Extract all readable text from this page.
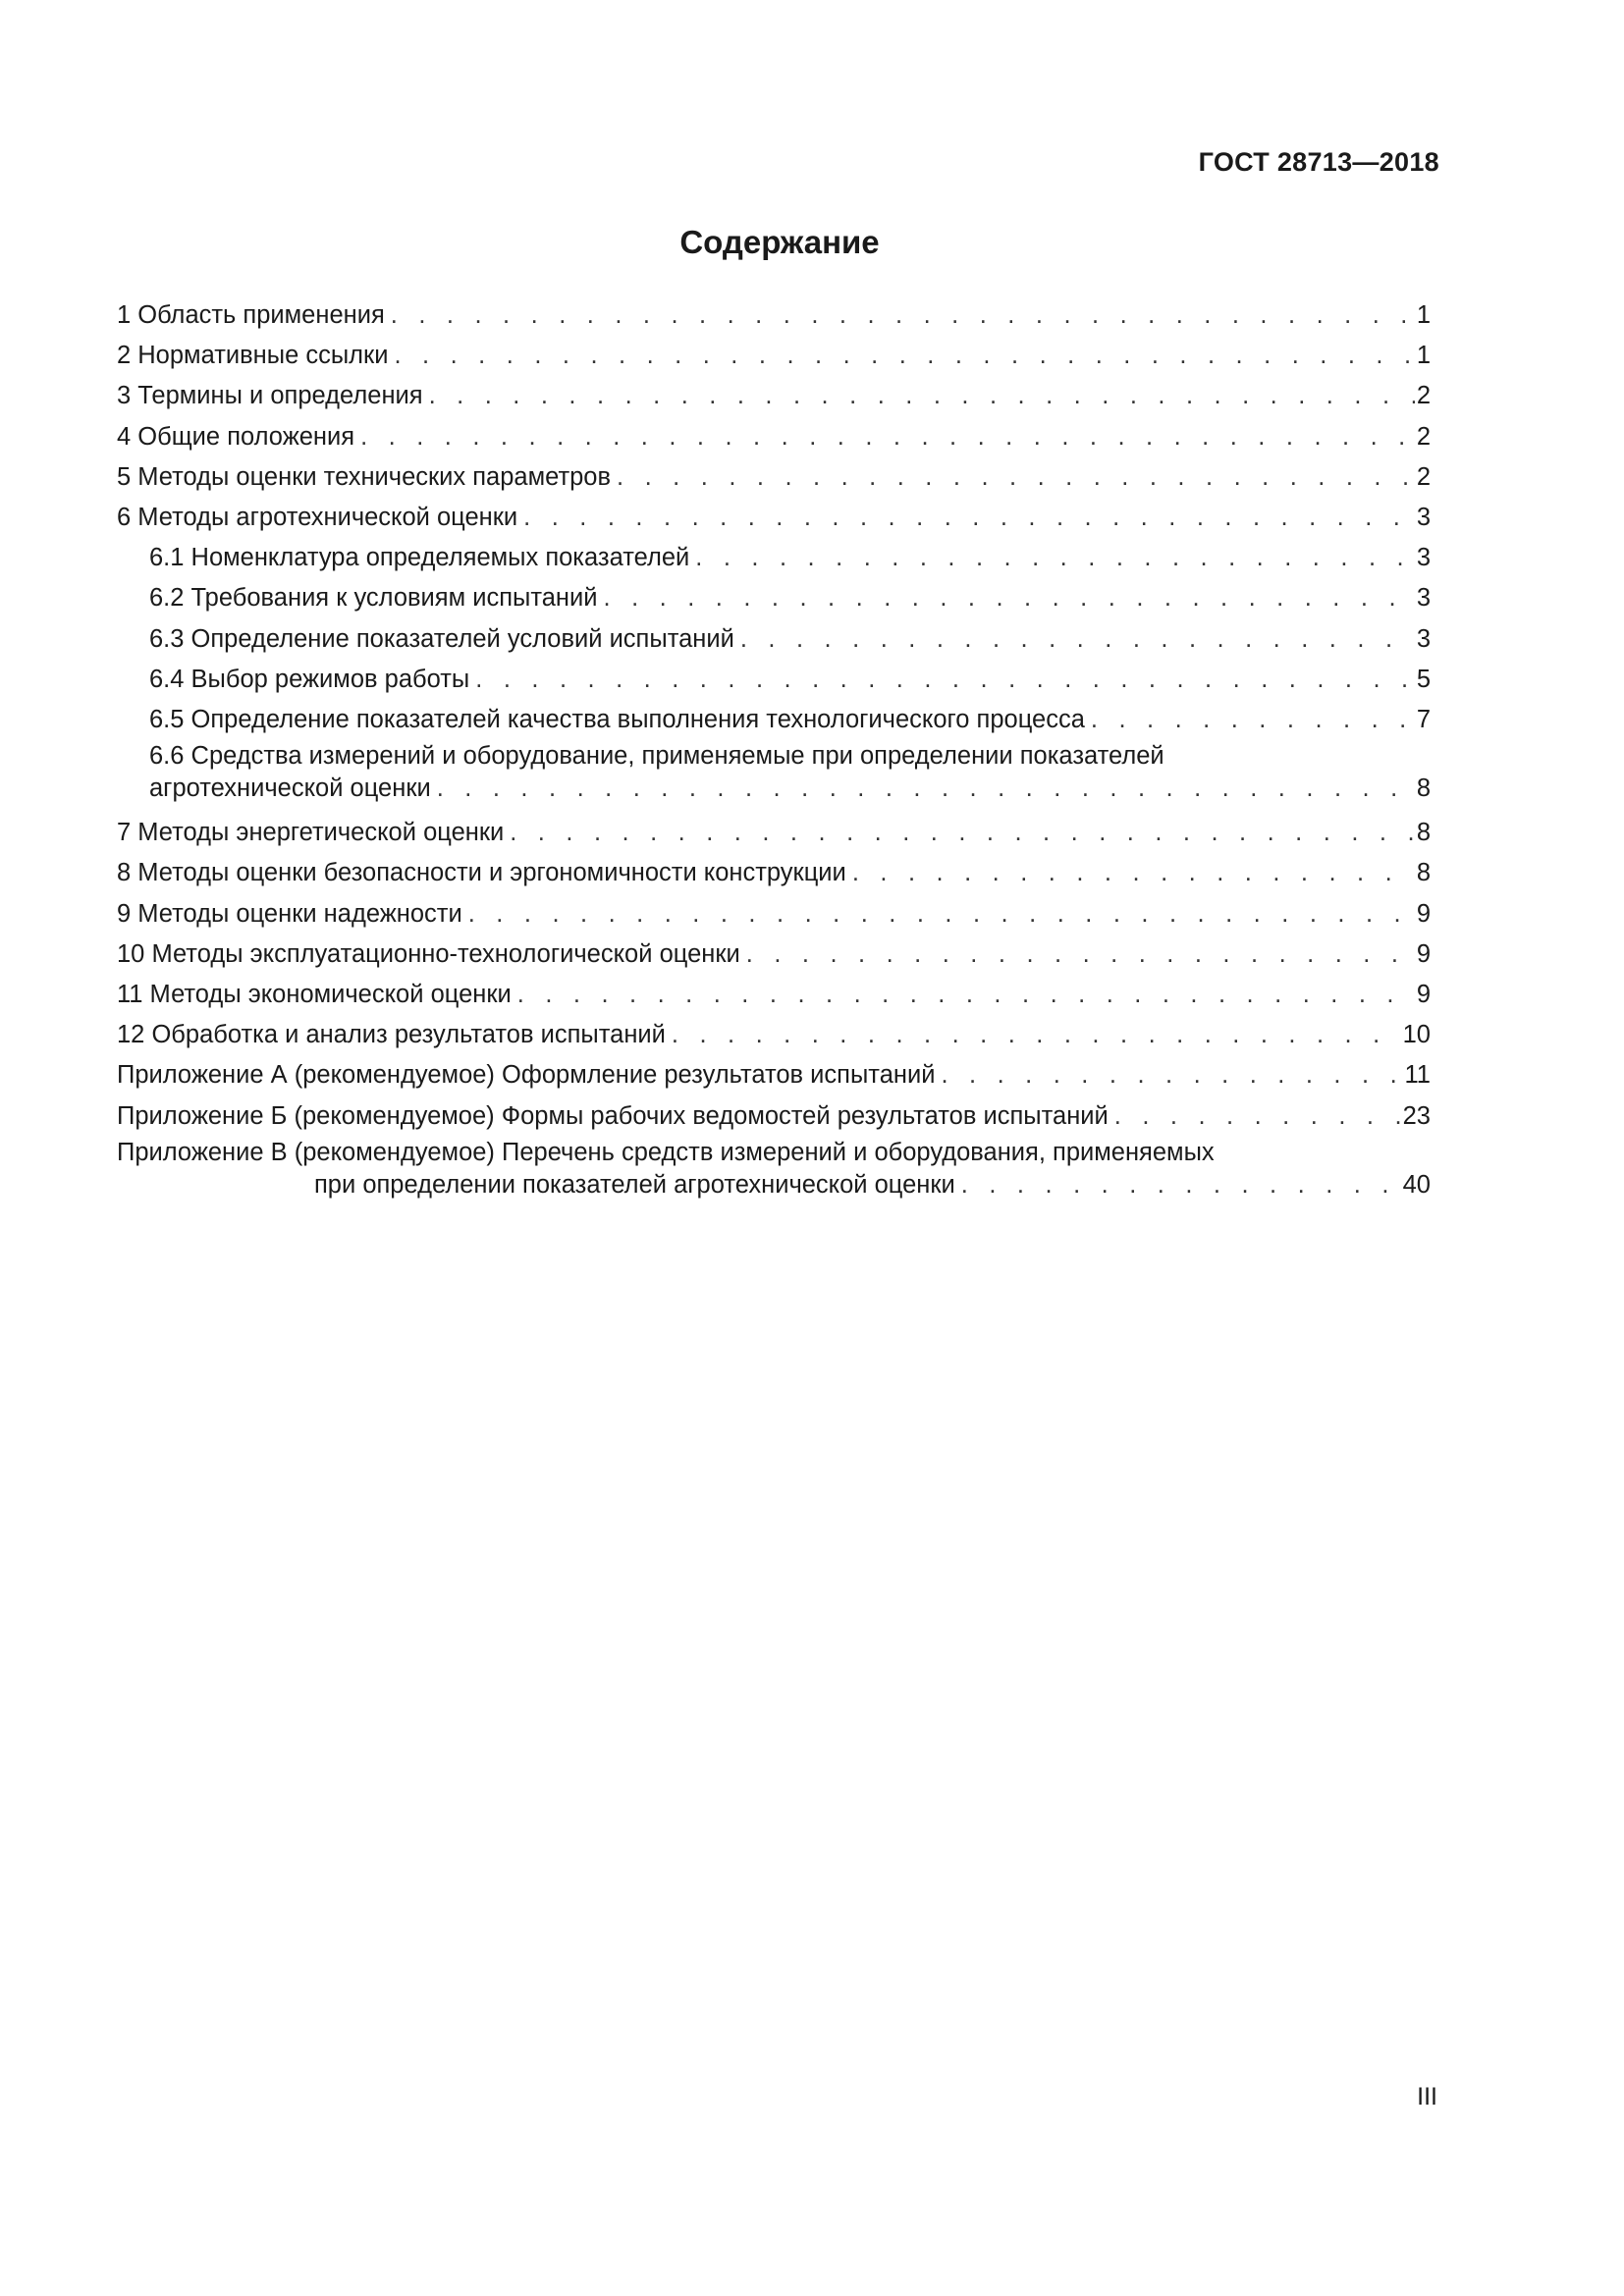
ГОСТ 28713—2018
Содержание
1 Область применения . . .	1
2 Нормативные ссылки . . .	1
3 Термины и определения . . .	2
4 Общие положения . . .	2
5 Методы оценки технических параметров . . .	2
6 Методы агротехнической оценки . . .	3
6.1 Номенклатура определяемых показателей . . .	3
6.2 Требования к условиям испытаний . . .	3
6.3 Определение показателей условий испытаний . . .	3
6.4 Выбор режимов работы . . .	5
6.5 Определение показателей качества выполнения технологического процесса . . .	7
6.6 Средства измерений и оборудование, применяемые при определении показателей
агротехнической оценки . . .	8
7 Методы энергетической оценки . . .	8
8 Методы оценки безопасности и эргономичности конструкции . . .	8
9 Методы оценки надежности . . .	9
10 Методы эксплуатационно-технологической оценки . . .	9
11 Методы экономической оценки . . .	9
12 Обработка и анализ результатов испытаний . . .	10
Приложение А (рекомендуемое) Оформление результатов испытаний . . .	11
Приложение Б (рекомендуемое) Формы рабочих ведомостей результатов испытаний . . .	23
Приложение В (рекомендуемое) Перечень средств измерений и оборудования, применяемых
при определении показателей агротехнической оценки . . .	40
III
